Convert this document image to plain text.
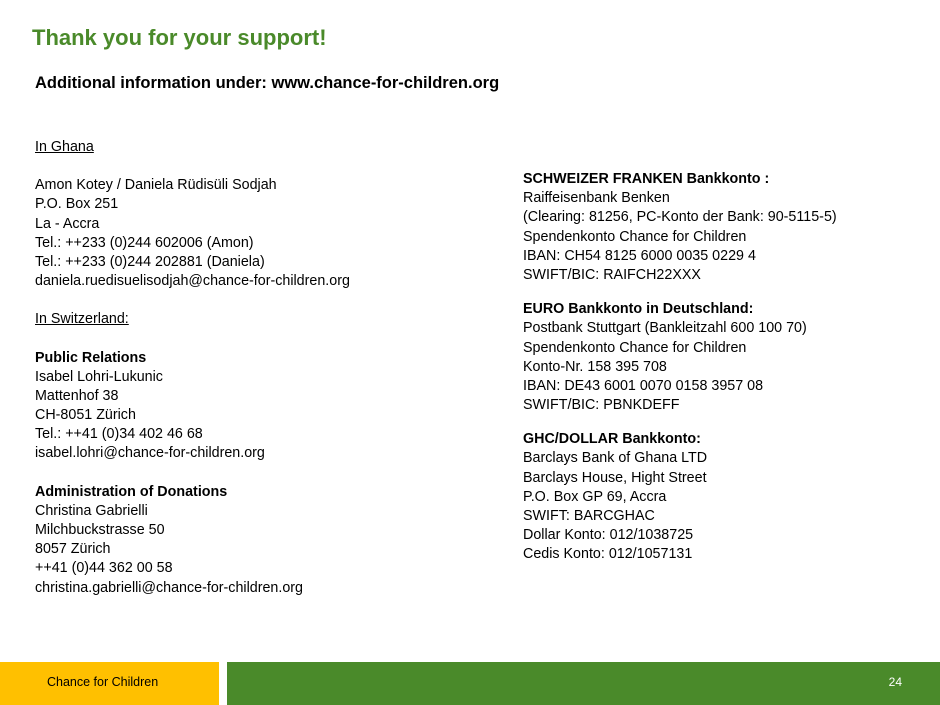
Thank you for your support!
Additional information under: www.chance-for-children.org
In Ghana
Amon Kotey / Daniela Rüdisüli Sodjah
P.O. Box 251
La - Accra
Tel.: ++233 (0)244 602006 (Amon)
Tel.: ++233 (0)244 202881 (Daniela)
daniela.ruedisuelisodjah@chance-for-children.org
In Switzerland:
Public Relations
Isabel Lohri-Lukunic
Mattenhof 38
CH-8051 Zürich
Tel.: ++41 (0)34 402 46 68
isabel.lohri@chance-for-children.org
Administration of Donations
Christina Gabrielli
Milchbuckstrasse 50
8057 Zürich
++41 (0)44 362 00 58
christina.gabrielli@chance-for-children.org
SCHWEIZER FRANKEN Bankkonto :
Raiffeisenbank Benken
(Clearing: 81256, PC-Konto der Bank: 90-5115-5)
Spendenkonto Chance for Children
IBAN: CH54 8125 6000 0035 0229 4
SWIFT/BIC: RAIFCH22XXX
EURO Bankkonto in Deutschland:
Postbank Stuttgart (Bankleitzahl 600 100 70)
Spendenkonto Chance for Children
Konto-Nr. 158 395 708
IBAN: DE43 6001 0070 0158 3957 08
SWIFT/BIC: PBNKDEFF
GHC/DOLLAR Bankkonto:
Barclays Bank of Ghana LTD
Barclays House, Hight Street
P.O. Box GP 69, Accra
SWIFT: BARCGHAC
Dollar Konto: 012/1038725
Cedis Konto: 012/1057131
Chance for Children	24
